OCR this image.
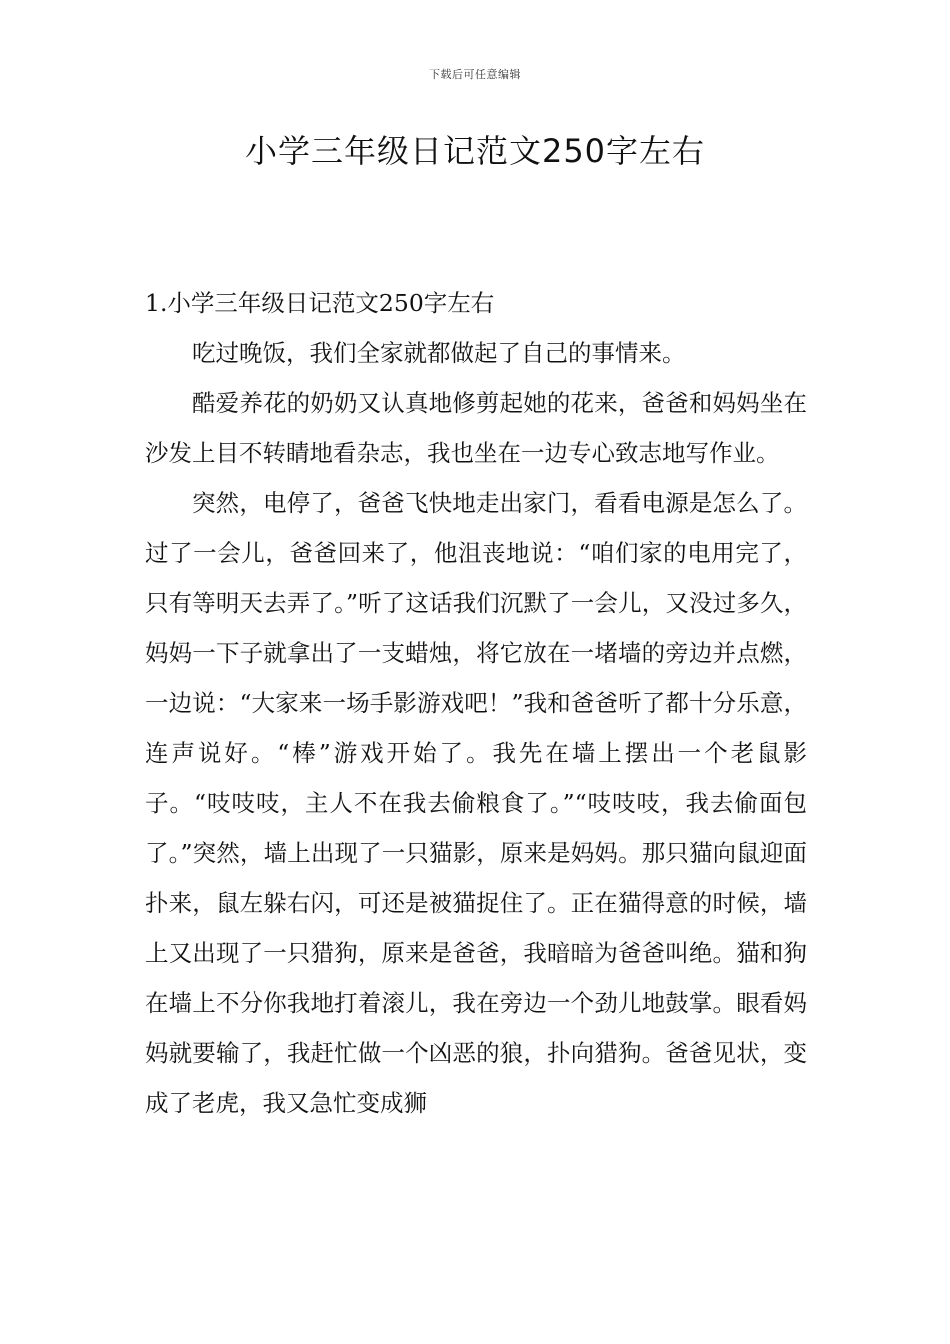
下载后可任意编辑
小学三年级日记范文250字左右
1.小学三年级日记范文250字左右

吃过晚饭，我们全家就都做起了自己的事情来。

酷爱养花的奶奶又认真地修剪起她的花来，爸爸和妈妈坐在沙发上目不转睛地看杂志，我也坐在一边专心致志地写作业。

突然，电停了，爸爸飞快地走出家门，看看电源是怎么了。过了一会儿，爸爸回来了，他沮丧地说：“咱们家的电用完了，只有等明天去弄了。”听了这话我们沉默了一会儿，又没过多久，妈妈一下子就拿出了一支蜡烛，将它放在一堵墙的旁边并点燃，一边说：“大家来一场手影游戏吧！”我和爸爸听了都十分乐意，连声说好。“棒”游戏开始了。我先在墙上摆出一个老鼠影子。“吱吱吱，主人不在我去偷粮食了。”“吱吱吱，我去偷面包了。”突然，墙上出现了一只猫影，原来是妈妈。那只猫向鼠迎面扑来，鼠左躲右闪，可还是被猫捉住了。正在猫得意的时候，墙上又出现了一只猎狗，原来是爸爸，我暗暗为爸爸叫绝。猫和狗在墙上不分你我地打着滚儿，我在旁边一个劲儿地鼓掌。眼看妈妈就要输了，我赶忙做一个凶恶的狼，扑向猎狗。爸爸见状，变成了老虎，我又急忙变成狮
